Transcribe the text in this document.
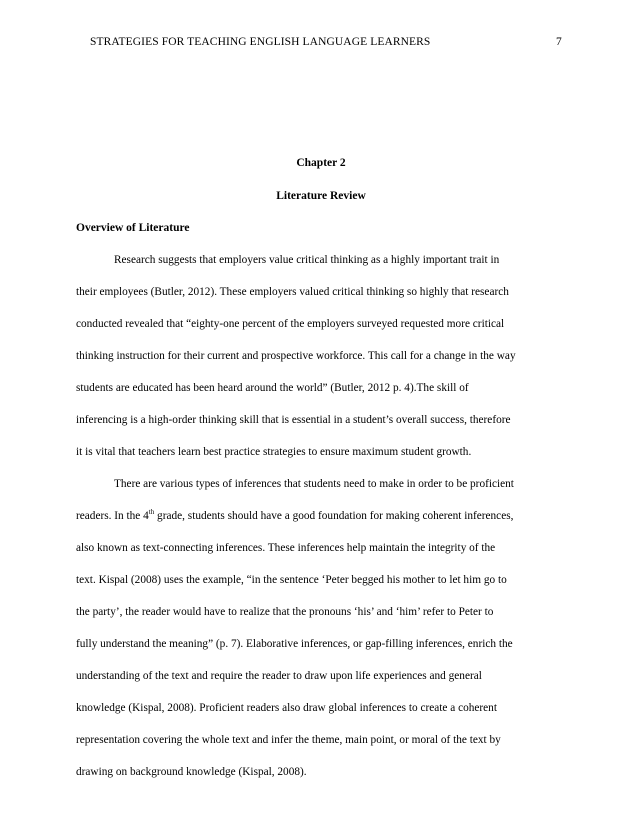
STRATEGIES FOR TEACHING ENGLISH LANGUAGE LEARNERS	7
Chapter 2
Literature Review
Overview of Literature
Research suggests that employers value critical thinking as a highly important trait in
their employees (Butler, 2012). These employers valued critical thinking so highly that research
conducted revealed that “eighty-one percent of the employers surveyed requested more critical
thinking instruction for their current and prospective workforce. This call for a change in the way
students are educated has been heard around the world” (Butler, 2012 p. 4).The skill of
inferencing is a high-order thinking skill that is essential in a student’s overall success, therefore
it is vital that teachers learn best practice strategies to ensure maximum student growth.
There are various types of inferences that students need to make in order to be proficient
readers. In the 4th grade, students should have a good foundation for making coherent inferences,
also known as text-connecting inferences. These inferences help maintain the integrity of the
text. Kispal (2008) uses the example, “in the sentence ‘Peter begged his mother to let him go to
the party’, the reader would have to realize that the pronouns ‘his’ and ‘him’ refer to Peter to
fully understand the meaning” (p. 7). Elaborative inferences, or gap-filling inferences, enrich the
understanding of the text and require the reader to draw upon life experiences and general
knowledge (Kispal, 2008). Proficient readers also draw global inferences to create a coherent
representation covering the whole text and infer the theme, main point, or moral of the text by
drawing on background knowledge (Kispal, 2008).
